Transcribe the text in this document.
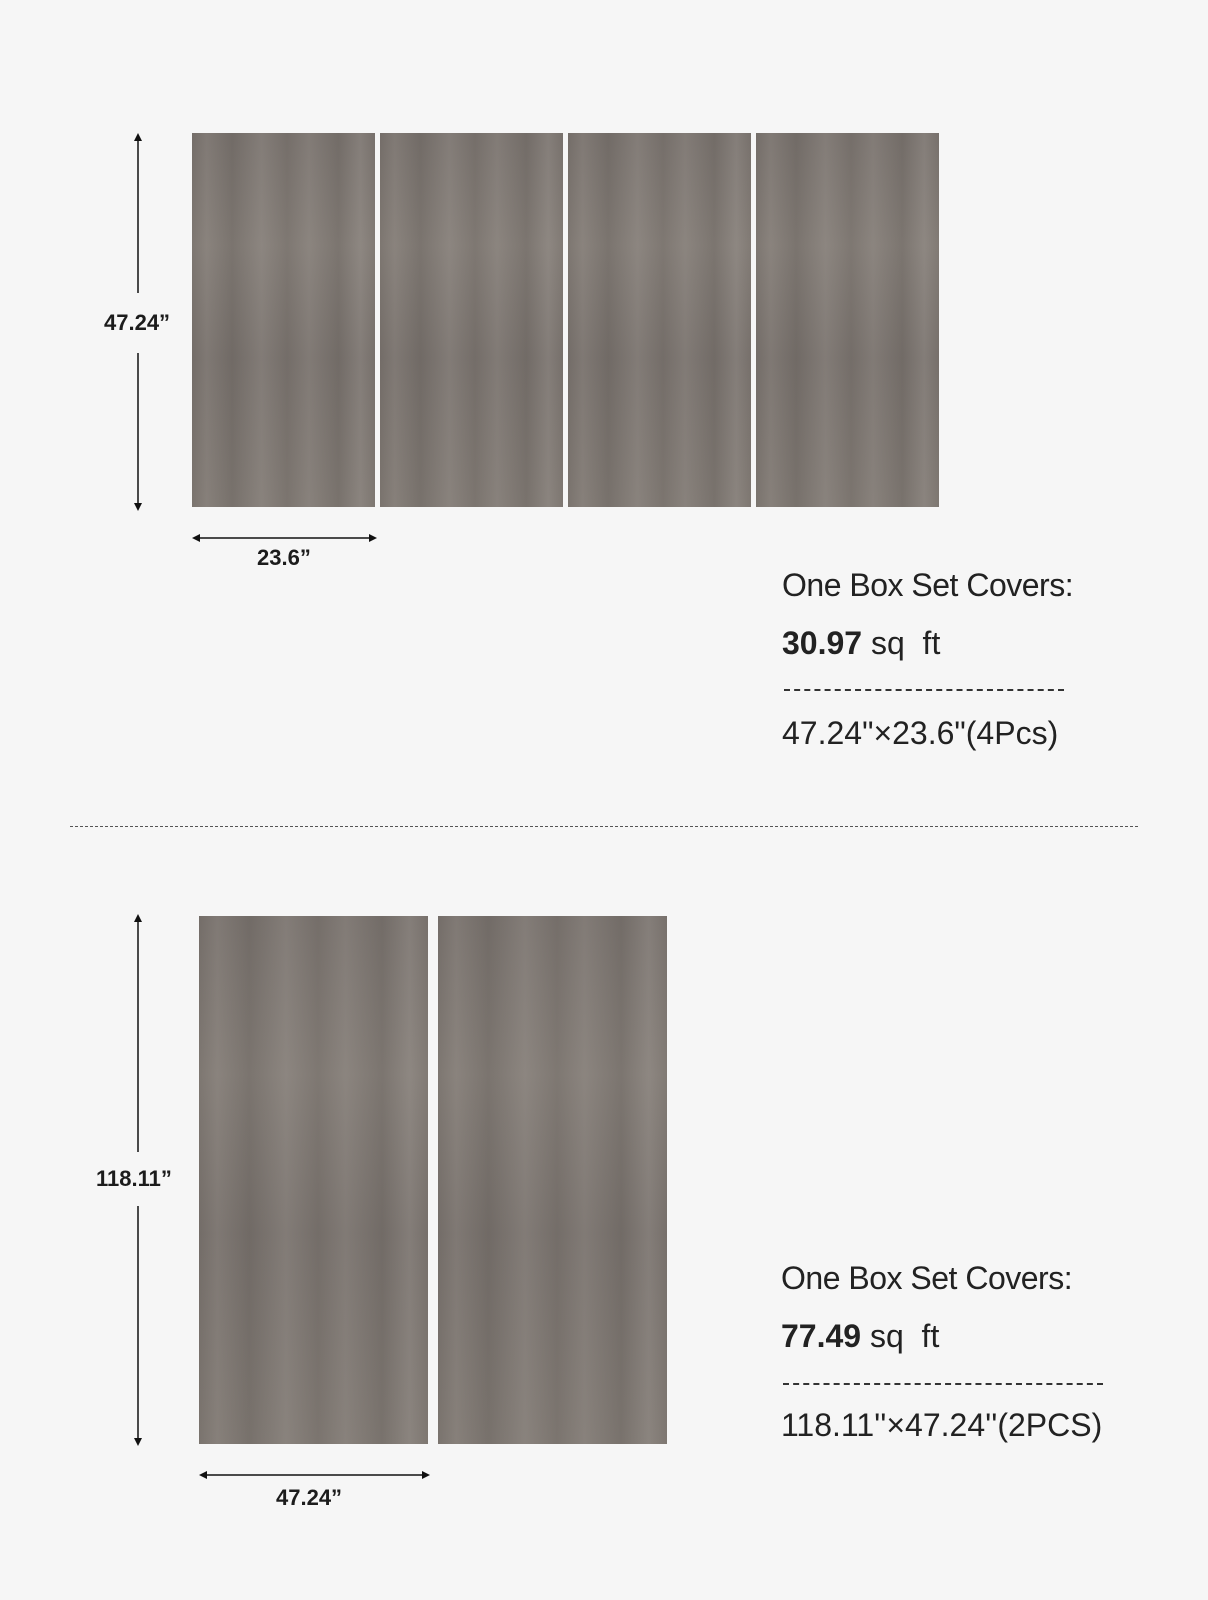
47.24”
23.6”
One Box Set Covers:
30.97 sq  ft
47.24"×23.6"(4Pcs)
118.11”
47.24”
One Box Set Covers:
77.49 sq  ft
118.11''×47.24''(2PCS)
